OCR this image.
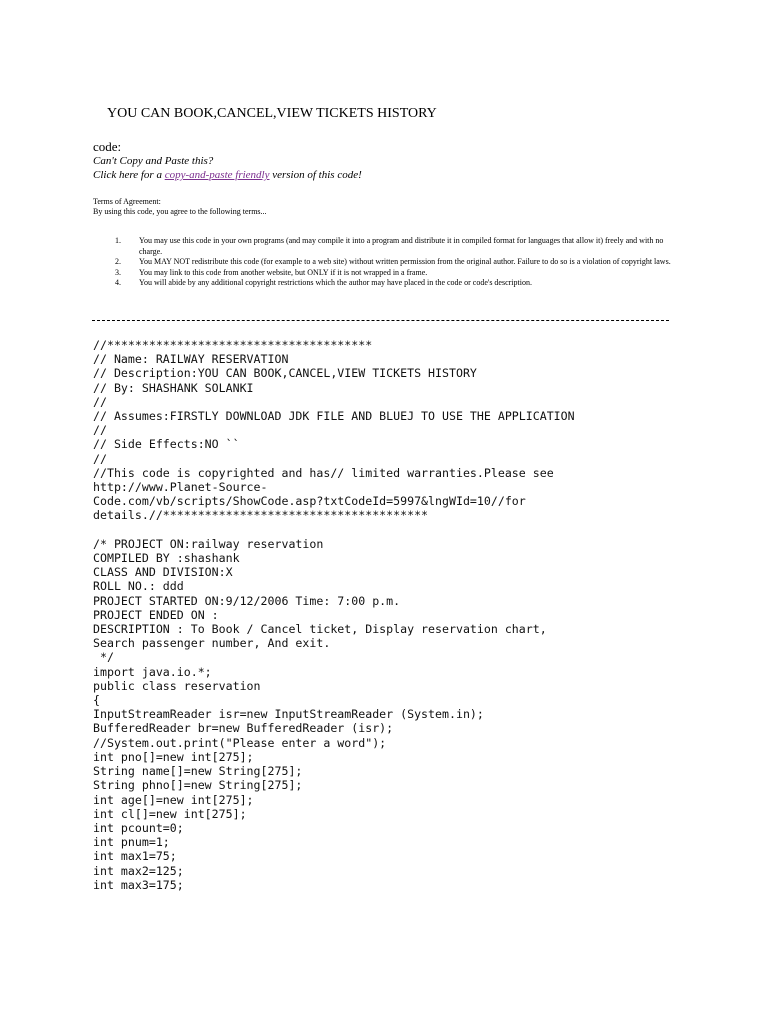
YOU CAN BOOK,CANCEL,VIEW TICKETS HISTORY
code:
Can't Copy and Paste this?
Click here for a copy-and-paste friendly version of this code!
Terms of Agreement:
By using this code, you agree to the following terms...
1.	You may use this code in your own programs (and may compile it into a program and distribute it in compiled format for languages that allow it) freely and with no charge.
2.	You MAY NOT redistribute this code (for example to a web site) without written permission from the original author. Failure to do so is a violation of copyright laws.
3.	You may link to this code from another website, but ONLY if it is not wrapped in a frame.
4.	You will abide by any additional copyright restrictions which the author may have placed in the code or code's description.
//**************************************
// Name: RAILWAY RESERVATION
// Description:YOU CAN BOOK,CANCEL,VIEW TICKETS HISTORY
// By: SHASHANK SOLANKI
//
// Assumes:FIRSTLY DOWNLOAD JDK FILE AND BLUEJ TO USE THE APPLICATION
//
// Side Effects:NO ``
//
//This code is copyrighted and has// limited warranties.Please see
http://www.Planet-Source-
Code.com/vb/scripts/ShowCode.asp?txtCodeId=5997&lngWId=10//for
details.//**************************************

/* PROJECT ON:railway reservation
COMPILED BY :shashank
CLASS AND DIVISION:X
ROLL NO.: ddd
PROJECT STARTED ON:9/12/2006 Time: 7:00 p.m.
PROJECT ENDED ON :
DESCRIPTION : To Book / Cancel ticket, Display reservation chart,
Search passenger number, And exit.
*/
import java.io.*;
public class reservation
{
InputStreamReader isr=new InputStreamReader (System.in);
BufferedReader br=new BufferedReader (isr);
//System.out.print("Please enter a word");
int pno[]=new int[275];
String name[]=new String[275];
String phno[]=new String[275];
int age[]=new int[275];
int cl[]=new int[275];
int pcount=0;
int pnum=1;
int max1=75;
int max2=125;
int max3=175;
